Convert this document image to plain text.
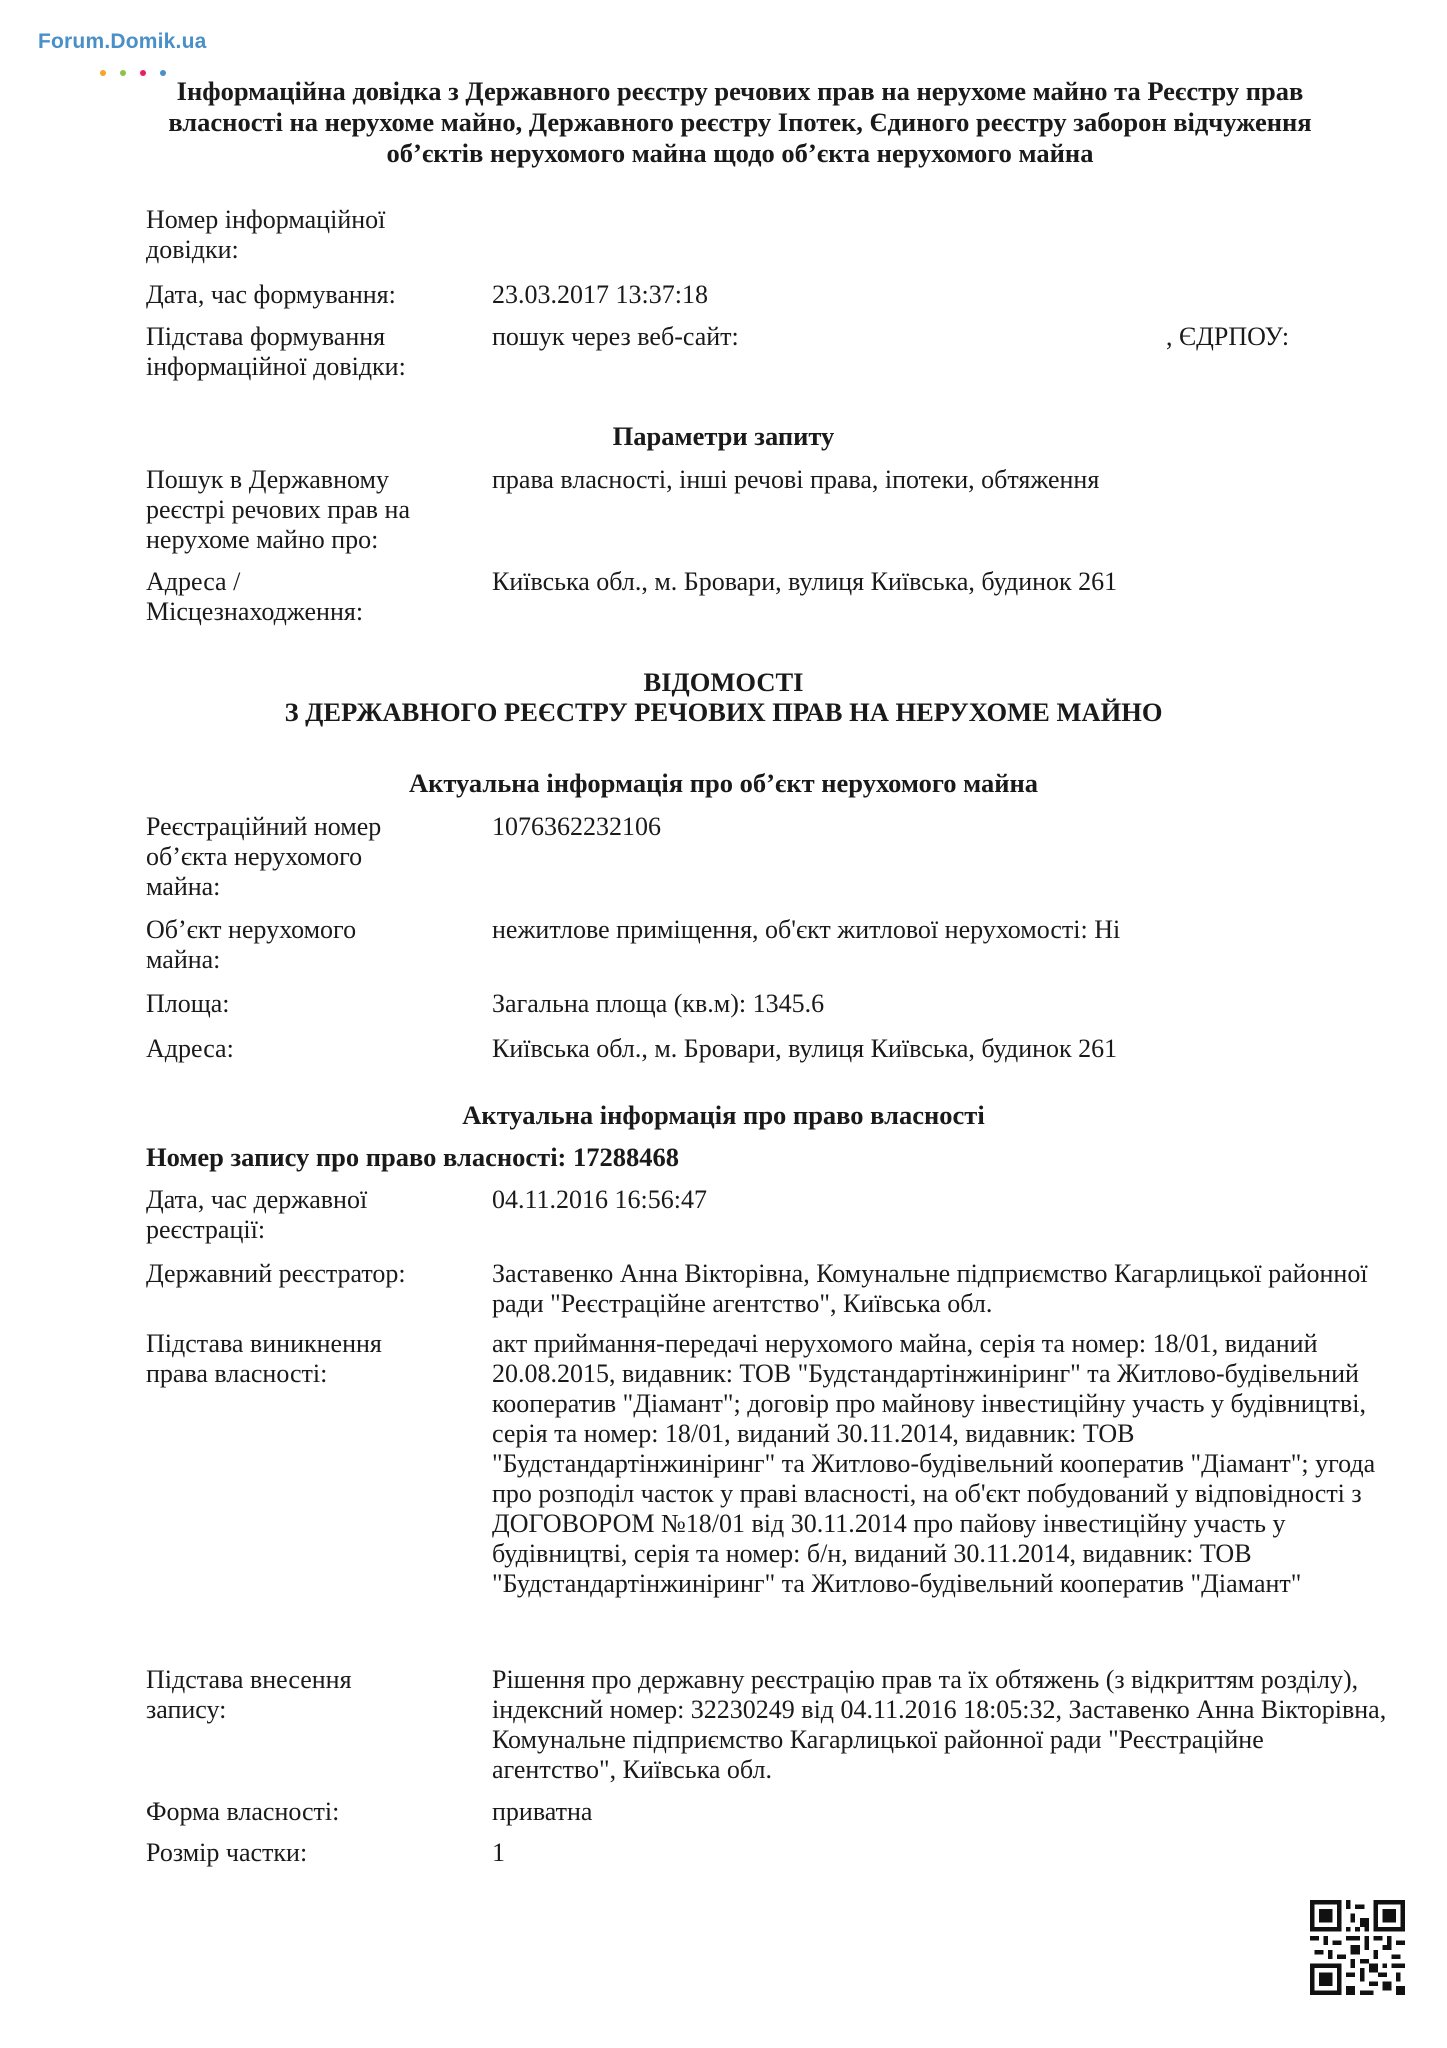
Forum.Domik.ua
Інформаційна довідка з Державного реєстру речових прав на нерухоме майно та Реєстру прав власності на нерухоме майно, Державного реєстру Іпотек, Єдиного реєстру заборон відчуження об’єктів нерухомого майна щодо об’єкта нерухомого майна
Номер інформаційної довідки:
Дата, час формування:	23.03.2017 13:37:18
Підстава формування інформаційної довідки:
пошук через веб-сайт:	, ЄДРПОУ:
Параметри запиту
Пошук в Державному реєстрі речових прав на нерухоме майно про:
права власності, інші речові права, іпотеки, обтяження
Адреса / Місцезнаходження:
Київська обл., м. Бровари, вулиця Київська, будинок 261
ВІДОМОСТІ
З ДЕРЖАВНОГО РЕЄСТРУ РЕЧОВИХ ПРАВ НА НЕРУХОМЕ МАЙНО
Актуальна інформація про об’єкт нерухомого майна
Реєстраційний номер об’єкта нерухомого майна:
1076362232106
Об’єкт нерухомого майна:
нежитлове приміщення, об'єкт житлової нерухомості: Ні
Площа:	Загальна площа (кв.м): 1345.6
Адреса:	Київська обл., м. Бровари, вулиця Київська, будинок 261
Актуальна інформація про право власності
Номер запису про право власності: 17288468
Дата, час державної реєстрації:
04.11.2016 16:56:47
Державний реєстратор:	Заставенко Анна Вікторівна, Комунальне підприємство Кагарлицької районної ради "Реєстраційне агентство", Київська обл.
Підстава виникнення права власності:
акт приймання-передачі нерухомого майна, серія та номер: 18/01, виданий 20.08.2015, видавник: ТОВ "Будстандартінжиніринг" та Житлово-будівельний кооператив "Діамант"; договір про майнову інвестиційну участь у будівництві, серія та номер: 18/01, виданий 30.11.2014, видавник: ТОВ "Будстандартінжиніринг" та Житлово-будівельний кооператив "Діамант"; угода про розподіл часток у праві власності, на об'єкт побудований у відповідності з ДОГОВОРОМ №18/01 від 30.11.2014 про пайову інвестиційну участь у будівництві, серія та номер: б/н, виданий 30.11.2014, видавник: ТОВ "Будстандартінжиніринг" та Житлово-будівельний кооператив "Діамант"
Підстава внесення запису:
Рішення про державну реєстрацію прав та їх обтяжень (з відкриттям розділу), індексний номер: 32230249 від 04.11.2016 18:05:32, Заставенко Анна Вікторівна, Комунальне підприємство Кагарлицької районної ради "Реєстраційне агентство", Київська обл.
Форма власності:	приватна
Розмір частки:	1
